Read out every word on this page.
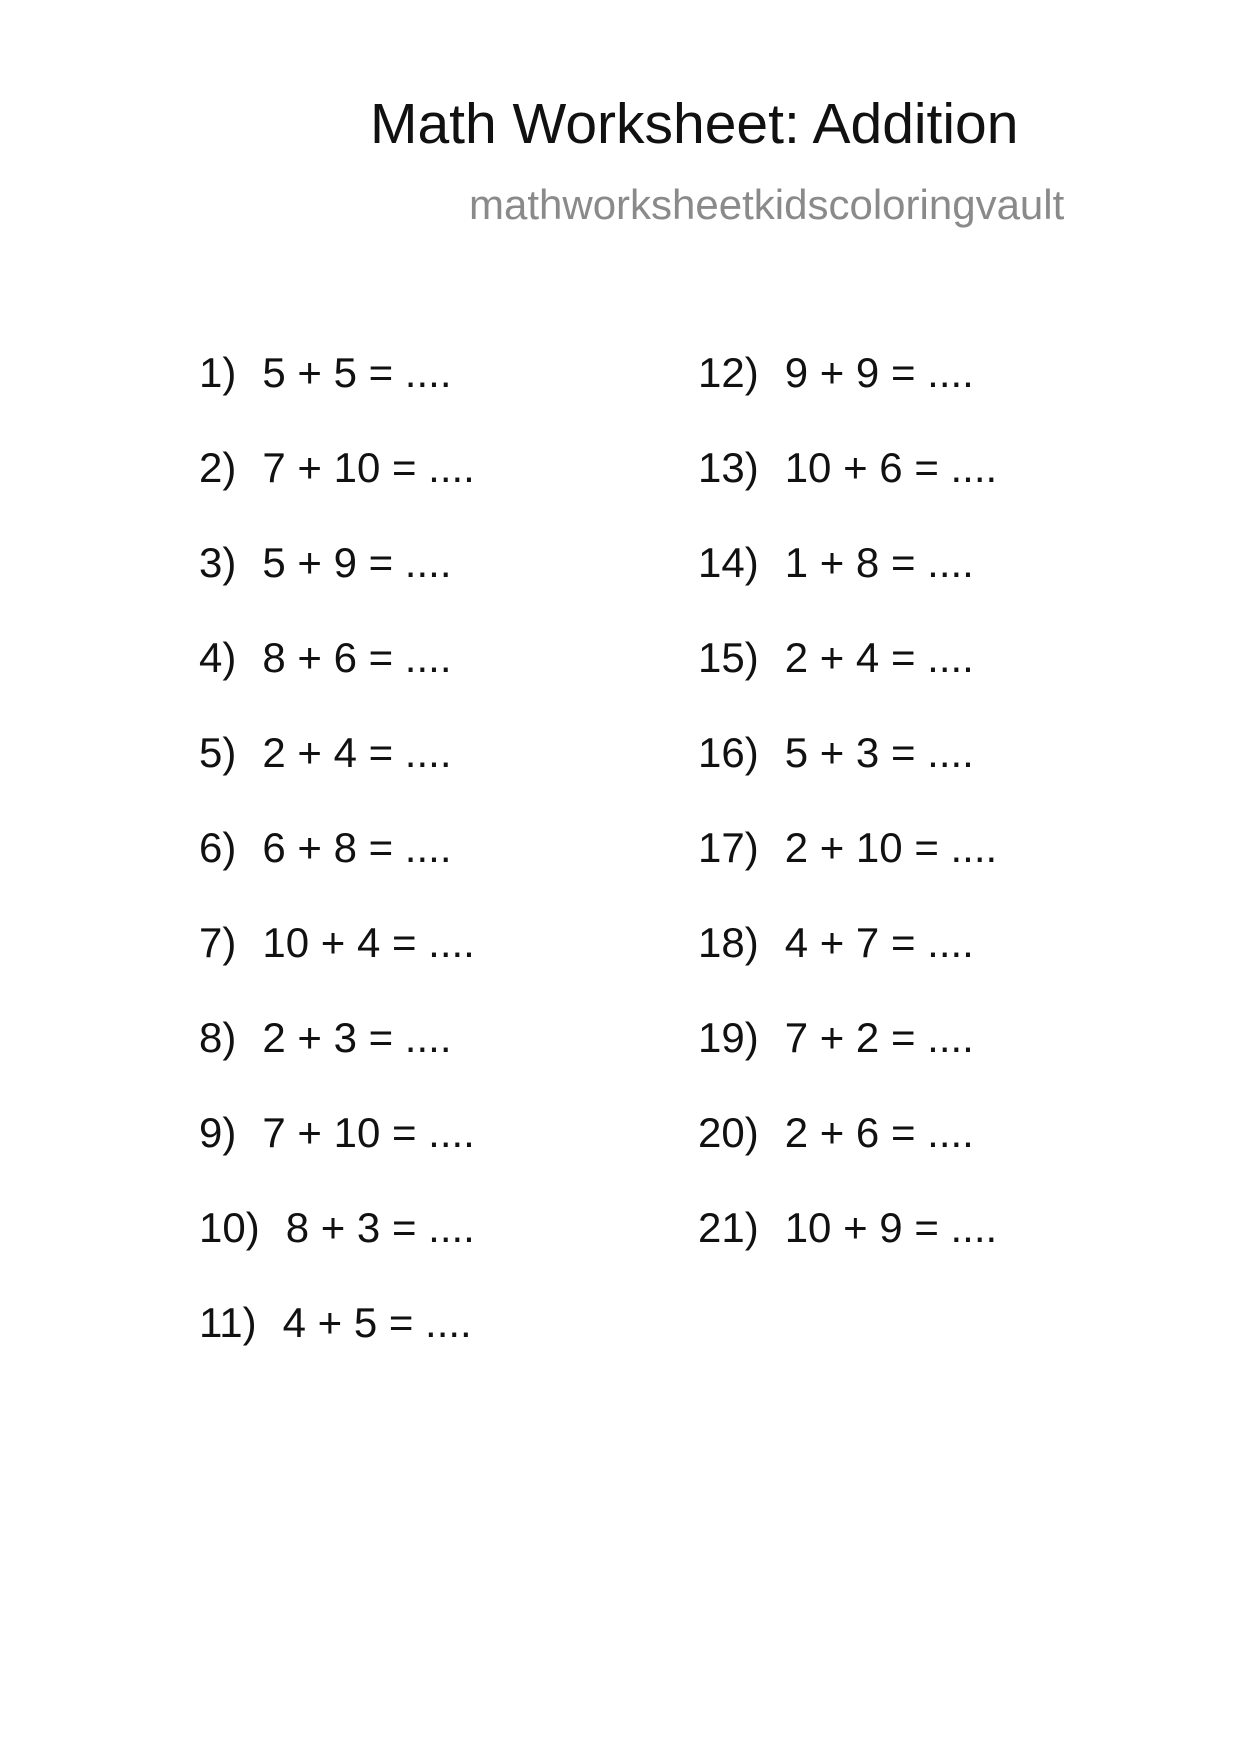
Math Worksheet: Addition
mathworksheetkidscoloringvault
1) 5 + 5 = ....
2) 7 + 10 = ....
3) 5 + 9 = ....
4) 8 + 6 = ....
5) 2 + 4 = ....
6) 6 + 8 = ....
7) 10 + 4 = ....
8) 2 + 3 = ....
9) 7 + 10 = ....
10) 8 + 3 = ....
11) 4 + 5 = ....
12) 9 + 9 = ....
13) 10 + 6 = ....
14) 1 + 8 = ....
15) 2 + 4 = ....
16) 5 + 3 = ....
17) 2 + 10 = ....
18) 4 + 7 = ....
19) 7 + 2 = ....
20) 2 + 6 = ....
21) 10 + 9 = ....
